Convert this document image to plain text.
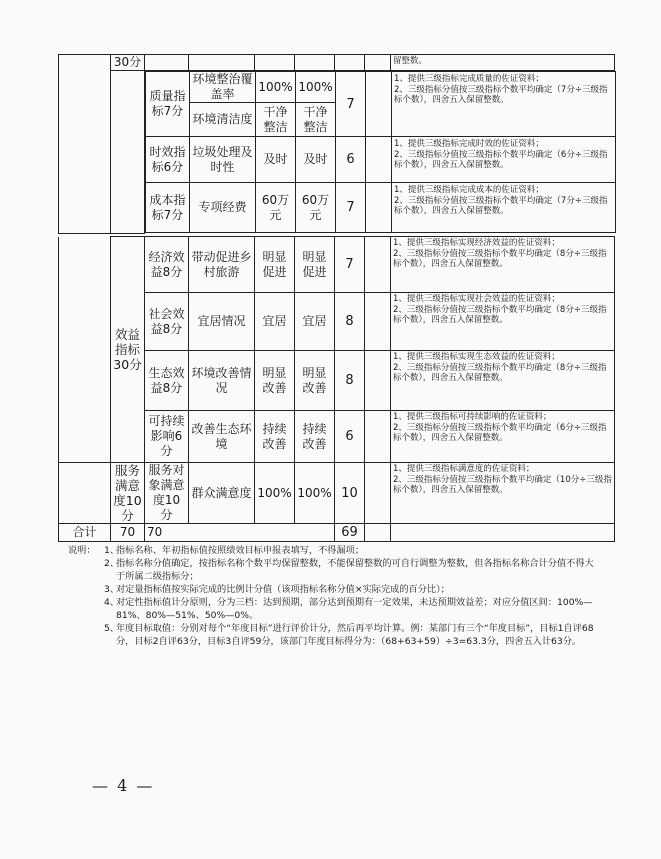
	30分							留整数。

质量指标7分	环境整治覆盖率	100%	100%	7		
1、提供三级指标完成质量的佐证资料；
2、三级指标分值按三级指标个数平均确定（7分÷三级指标个数），四舍五入保留整数。

环境清洁度	干净整洁	干净整洁
时效指标6分	垃圾处理及时性	及时	及时	6		
1、提供三级指标完成时效的佐证资料；
2、三级指标分值按三级指标个数平均确定（6分÷三级指标个数），四舍五入保留整数。

成本指标7分	专项经费	60万元	60万元	7		
1、提供三级指标完成成本的佐证资料；
2、三级指标分值按三级指标个数平均确定（7分÷三级指标个数），四舍五入保留整数。
	效益指标30分	经济效益8分	带动促进乡村旅游	明显促进	明显促进	7		1、提供三级指标实现经济效益的佐证资料；
2、三级指标分值按三级指标个数平均确定（8分÷三级指标个数），四舍五入保留整数。

		社会效益8分	宜居情况	宜居	宜居	8		1、提供三级指标实现社会效益的佐证资料；
2、三级指标分值按三级指标个数平均确定（8分÷三级指标个数），四舍五入保留整数。

		生态效益8分	环境改善情况	明显改善	明显改善	8		1、提供三级指标实现生态效益的佐证资料；
2、三级指标分值按三级指标个数平均确定（8分÷三级指标个数），四舍五入保留整数。

		可持续影响6分	改善生态环境	持续改善	持续改善	6		1、提供三级指标可持续影响的佐证资料；
2、三级指标分值按三级指标个数平均确定（6分÷三级指标个数），四舍五入保留整数。

	服务满意度10分	服务对象满意度10分	群众满意度	100%	100%	10		1、提供三级指标满意度的佐证资料；
2、三级指标分值按三级指标个数平均确定（10分÷三级指标个数），四舍五入保留整数。

合计	70	70				69		
说明： 1、
指标名称、年初指标值按照绩效目标申报表填写，不得漏项；
2、
指标名称分值确定，按指标名称个数平均保留整数，不能保留整数的可自行调整为整数，但各指标名称合计分值不得大于所属二级指标分；
3、
对定量指标值按实际完成的比例计分值（该项指标名称分值×实际完成的百分比）；
4、
对定性指标值计分原则，分为三档：达到预期，部分达到预期有一定效果，未达预期效益差；对应分值区间：100%—81%、80%—51%、50%—0%。
5、
年度目标取值：分别对每个“年度目标”进行评价计分，然后再平均计算。例：某部门有三个“年度目标”，目标1自评68分，目标2自评63分，目标3自评59分，该部门年度目标得分为：（68+63+59）÷3=63.3分，四舍五入计63分。
— 4 —
